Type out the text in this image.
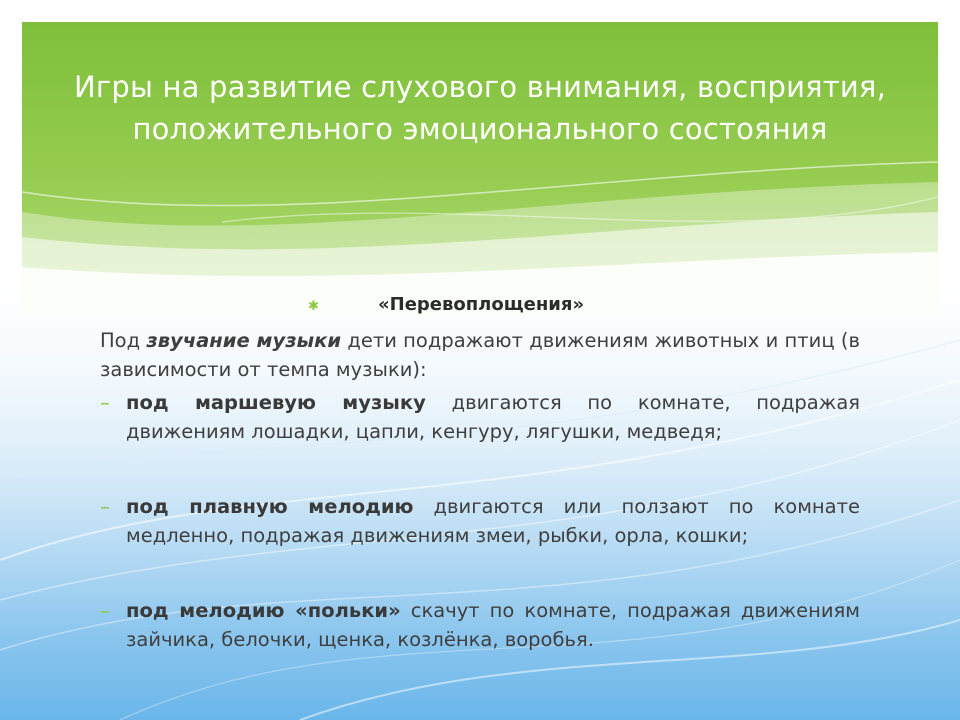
Игры на развитие слухового внимания, восприятия, положительного эмоционального состояния
✱	«Перевоплощения»
Под звучание музыки дети подражают движениям животных и птиц (в зависимости от темпа музыки):
– под маршевую музыку двигаются по комнате, подражая движениям лошадки, цапли, кенгуру, лягушки, медведя;
– под плавную мелодию двигаются или ползают по комнате медленно, подражая движениям змеи, рыбки, орла, кошки;
– под мелодию «польки» скачут по комнате, подражая движениям зайчика, белочки, щенка, козлёнка, воробья.
